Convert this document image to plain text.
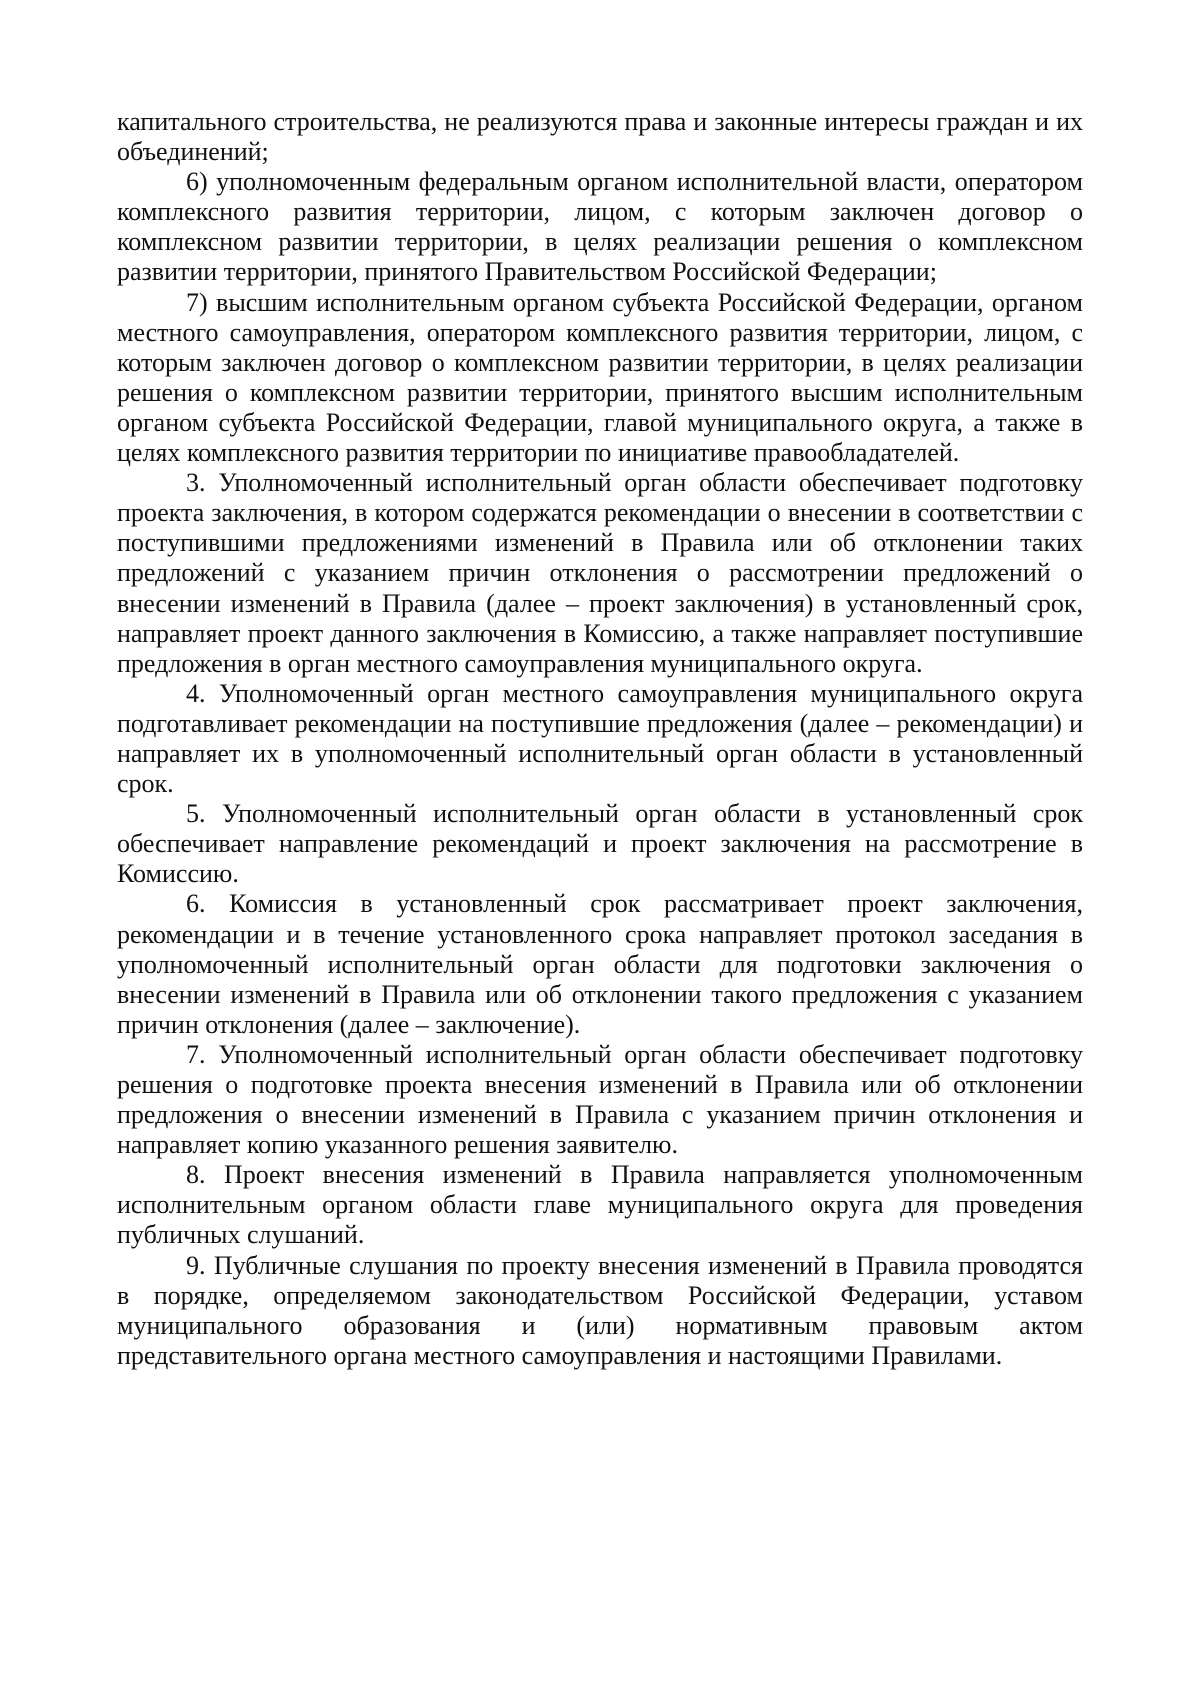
капитального строительства, не реализуются права и законные интересы граждан и их объединений;

6) уполномоченным федеральным органом исполнительной власти, оператором комплексного развития территории, лицом, с которым заключен договор о комплексном развитии территории, в целях реализации решения о комплексном развитии территории, принятого Правительством Российской Федерации;

7) высшим исполнительным органом субъекта Российской Федерации, органом местного самоуправления, оператором комплексного развития территории, лицом, с которым заключен договор о комплексном развитии территории, в целях реализации решения о комплексном развитии территории, принятого высшим исполнительным органом субъекта Российской Федерации, главой муниципального округа, а также в целях комплексного развития территории по инициативе правообладателей.

3. Уполномоченный исполнительный орган области обеспечивает подготовку проекта заключения, в котором содержатся рекомендации о внесении в соответствии с поступившими предложениями изменений в Правила или об отклонении таких предложений с указанием причин отклонения о рассмотрении предложений о внесении изменений в Правила (далее – проект заключения) в установленный срок, направляет проект данного заключения в Комиссию, а также направляет поступившие предложения в орган местного самоуправления муниципального округа.

4. Уполномоченный орган местного самоуправления муниципального округа подготавливает рекомендации на поступившие предложения (далее – рекомендации) и направляет их в уполномоченный исполнительный орган области в установленный срок.

5. Уполномоченный исполнительный орган области в установленный срок обеспечивает направление рекомендаций и проект заключения на рассмотрение в Комиссию.

6. Комиссия в установленный срок рассматривает проект заключения, рекомендации и в течение установленного срока направляет протокол заседания в уполномоченный исполнительный орган области для подготовки заключения о внесении изменений в Правила или об отклонении такого предложения с указанием причин отклонения (далее – заключение).

7. Уполномоченный исполнительный орган области обеспечивает подготовку решения о подготовке проекта внесения изменений в Правила или об отклонении предложения о внесении изменений в Правила с указанием причин отклонения и направляет копию указанного решения заявителю.

8. Проект внесения изменений в Правила направляется уполномоченным исполнительным органом области главе муниципального округа для проведения публичных слушаний.

9. Публичные слушания по проекту внесения изменений в Правила проводятся в порядке, определяемом законодательством Российской Федерации, уставом муниципального образования и (или) нормативным правовым актом представительного органа местного самоуправления и настоящими Правилами.
